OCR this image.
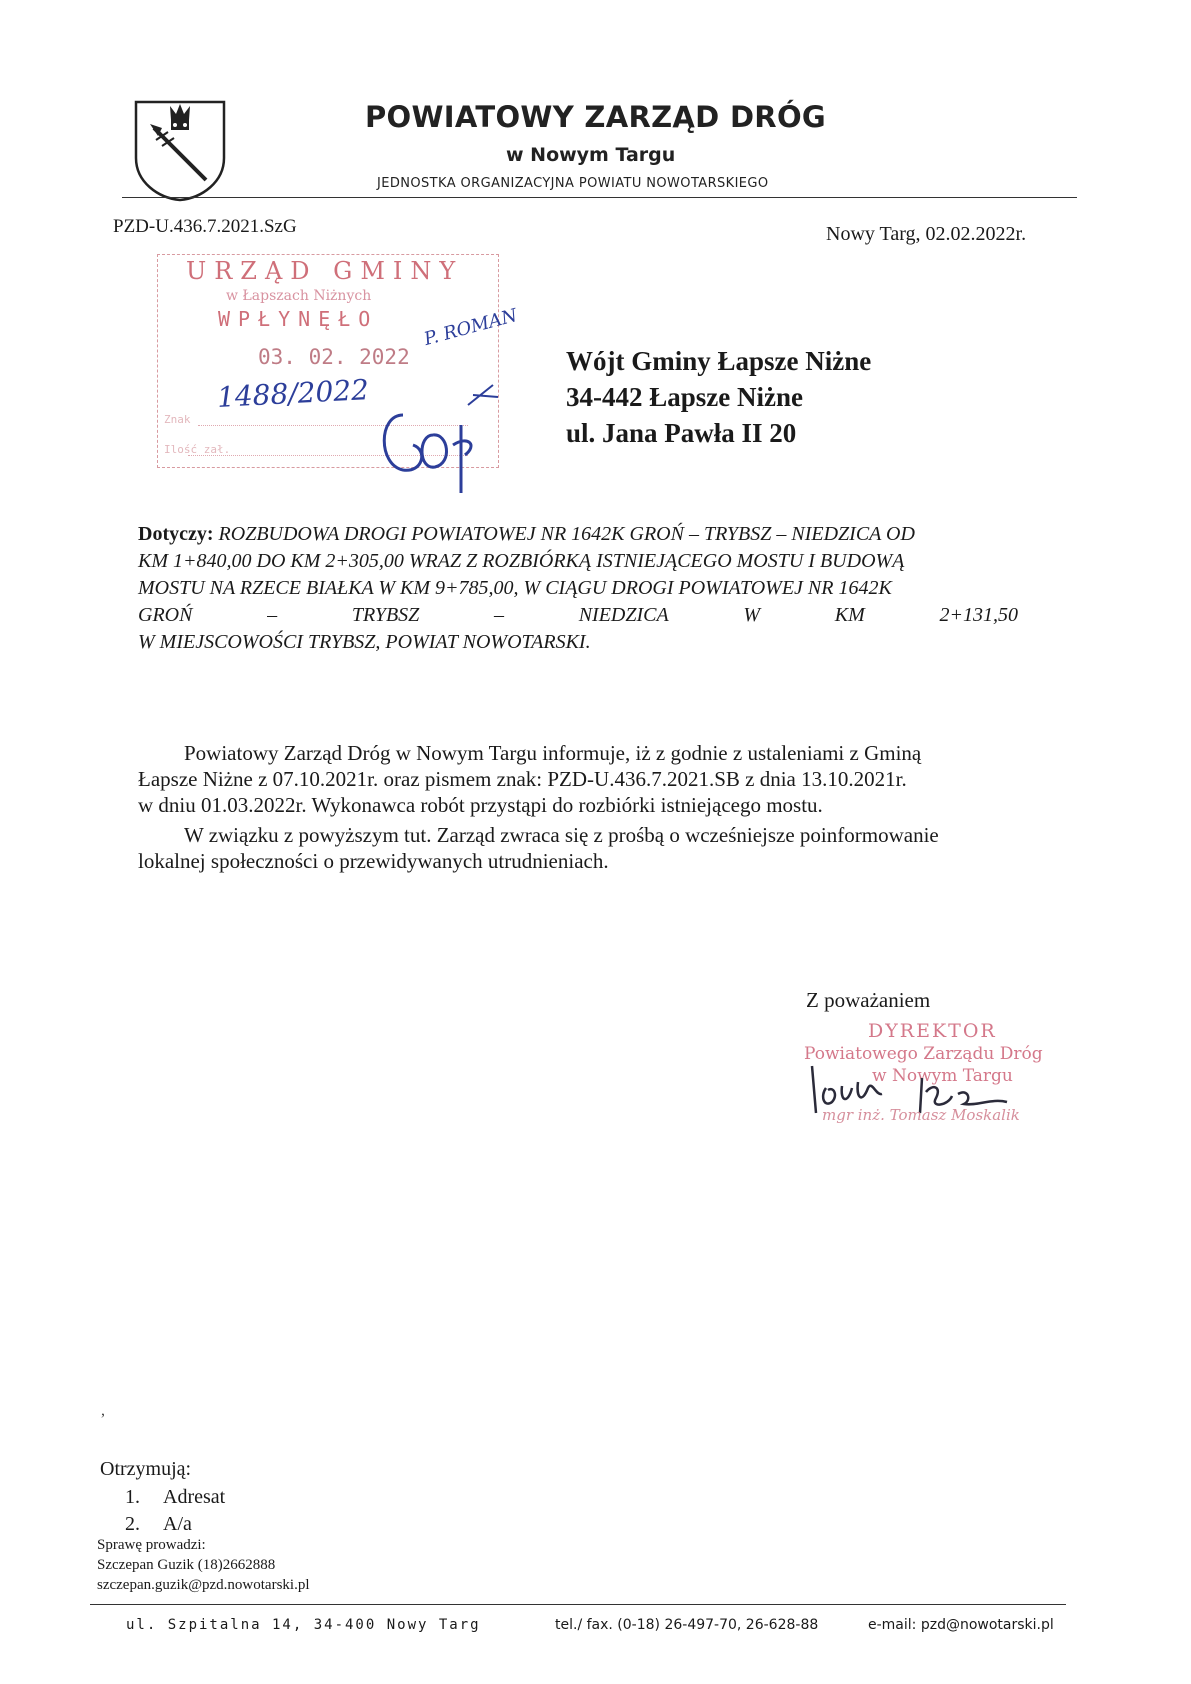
POWIATOWY ZARZĄD DRÓG
w Nowym Targu
JEDNOSTKA ORGANIZACYJNA POWIATU NOWOTARSKIEGO
PZD-U.436.7.2021.SzG	Nowy Targ, 02.02.2022r.
URZĄD GMINY
w Łapszach Niżnych
WPŁYNĘŁO
03. 02. 2022
Znak
Ilość zał.
1488/2022
P. ROMAN
Wójt Gminy Łapsze Niżne
34-442 Łapsze Niżne
ul. Jana Pawła II 20
Dotyczy: ROZBUDOWA DROGI POWIATOWEJ NR 1642K GROŃ – TRYBSZ – NIEDZICA OD
KM 1+840,00 DO KM 2+305,00 WRAZ Z ROZBIÓRKĄ ISTNIEJĄCEGO MOSTU I BUDOWĄ
MOSTU NA RZECE BIAŁKA W KM 9+785,00, W CIĄGU DROGI POWIATOWEJ NR 1642K
GROŃ	–	TRYBSZ	–	NIEDZICA	W	KM	2+131,50
W MIEJSCOWOŚCI TRYBSZ, POWIAT NOWOTARSKI.
Powiatowy Zarząd Dróg w Nowym Targu informuje, iż z godnie z ustaleniami z Gminą
Łapsze Niżne z 07.10.2021r. oraz pismem znak: PZD-U.436.7.2021.SB z dnia 13.10.2021r.
w dniu 01.03.2022r. Wykonawca robót przystąpi do rozbiórki istniejącego mostu.
W związku z powyższym tut. Zarząd zwraca się z prośbą o wcześniejsze poinformowanie
lokalnej społeczności o przewidywanych utrudnieniach.
Z poważaniem
DYREKTOR
Powiatowego Zarządu Dróg
w Nowym Targu
mgr inż. Tomasz Moskalik
,
Otrzymują:
1. Adresat
2. A/a
Sprawę prowadzi:
Szczepan Guzik (18)2662888
szczepan.guzik@pzd.nowotarski.pl
ul. Szpitalna 14, 34-400 Nowy Targ	tel./ fax. (0-18) 26-497-70, 26-628-88	e-mail: pzd@nowotarski.pl
